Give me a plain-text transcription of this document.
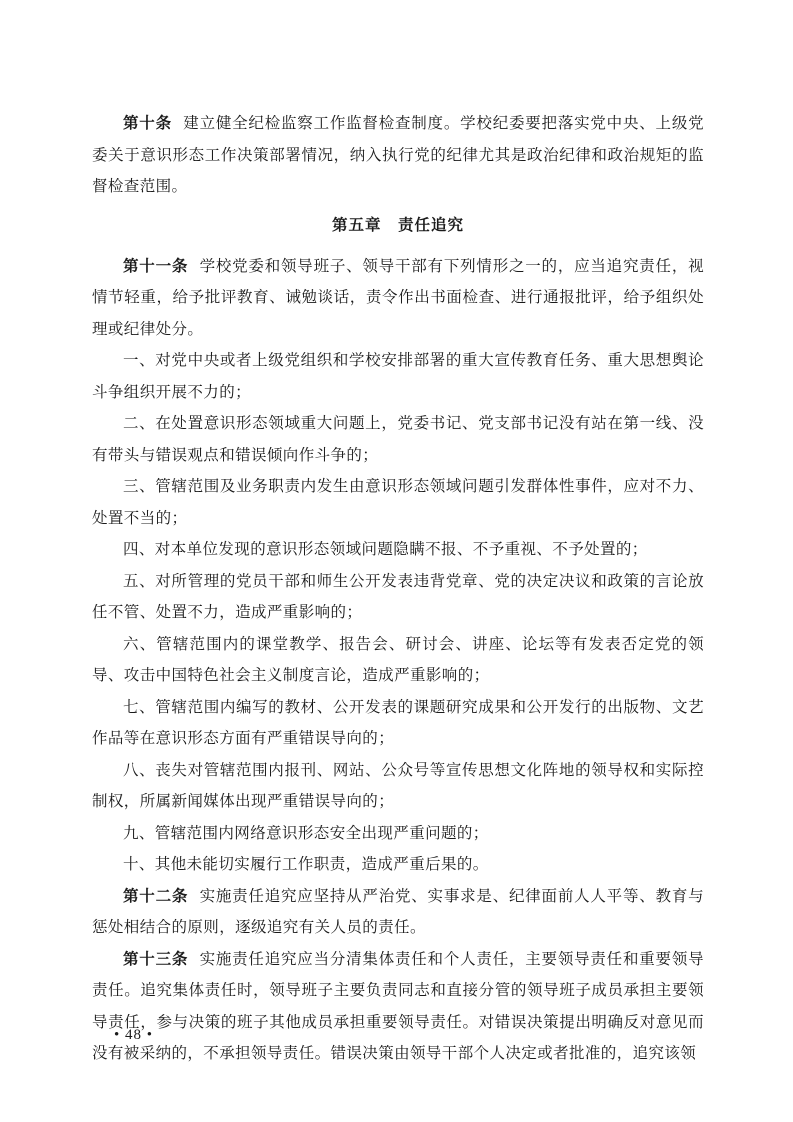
第十条 建立健全纪检监察工作监督检查制度。学校纪委要把落实党中央、上级党委关于意识形态工作决策部署情况，纳入执行党的纪律尤其是政治纪律和政治规矩的监督检查范围。

第五章　责任追究

第十一条 学校党委和领导班子、领导干部有下列情形之一的，应当追究责任，视情节轻重，给予批评教育、诫勉谈话，责令作出书面检查、进行通报批评，给予组织处理或纪律处分。

一、对党中央或者上级党组织和学校安排部署的重大宣传教育任务、重大思想舆论斗争组织开展不力的；

二、在处置意识形态领域重大问题上，党委书记、党支部书记没有站在第一线、没有带头与错误观点和错误倾向作斗争的；

三、管辖范围及业务职责内发生由意识形态领域问题引发群体性事件，应对不力、处置不当的；

四、对本单位发现的意识形态领域问题隐瞒不报、不予重视、不予处置的；

五、对所管理的党员干部和师生公开发表违背党章、党的决定决议和政策的言论放任不管、处置不力，造成严重影响的；

六、管辖范围内的课堂教学、报告会、研讨会、讲座、论坛等有发表否定党的领导、攻击中国特色社会主义制度言论，造成严重影响的；

七、管辖范围内编写的教材、公开发表的课题研究成果和公开发行的出版物、文艺作品等在意识形态方面有严重错误导向的；

八、丧失对管辖范围内报刊、网站、公众号等宣传思想文化阵地的领导权和实际控制权，所属新闻媒体出现严重错误导向的；

九、管辖范围内网络意识形态安全出现严重问题的；

十、其他未能切实履行工作职责，造成严重后果的。

第十二条 实施责任追究应坚持从严治党、实事求是、纪律面前人人平等、教育与惩处相结合的原则，逐级追究有关人员的责任。

第十三条 实施责任追究应当分清集体责任和个人责任，主要领导责任和重要领导责任。追究集体责任时，领导班子主要负责同志和直接分管的领导班子成员承担主要领导责任，参与决策的班子其他成员承担重要领导责任。对错误决策提出明确反对意见而没有被采纳的，不承担领导责任。错误决策由领导干部个人决定或者批准的，追究该领

• 48 •
